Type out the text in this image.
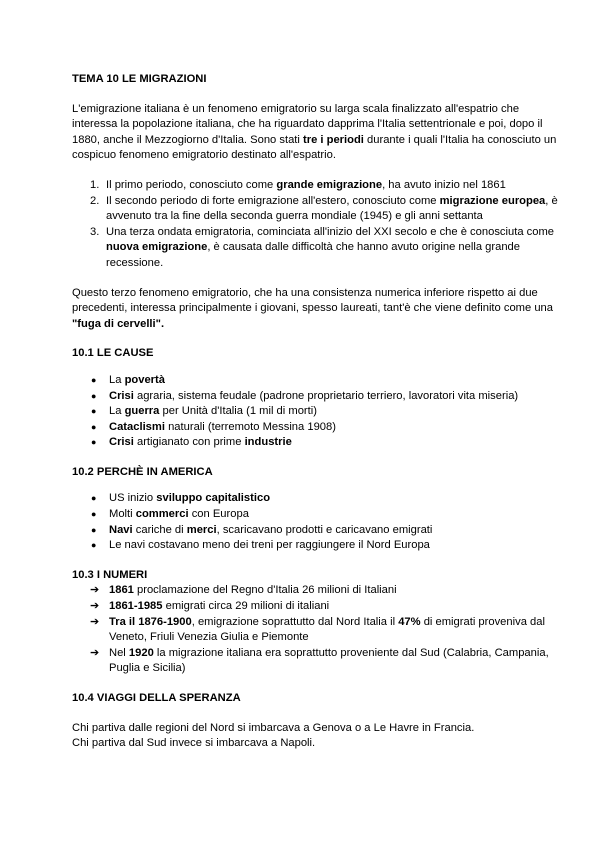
TEMA 10 LE MIGRAZIONI

L'emigrazione italiana è un fenomeno emigratorio su larga scala finalizzato all'espatrio che interessa la popolazione italiana, che ha riguardato dapprima l'Italia settentrionale e poi, dopo il 1880, anche il Mezzogiorno d'Italia. Sono stati tre i periodi durante i quali l'Italia ha conosciuto un cospicuo fenomeno emigratorio destinato all'espatrio.

1. Il primo periodo, conosciuto come grande emigrazione, ha avuto inizio nel 1861
2. Il secondo periodo di forte emigrazione all'estero, conosciuto come migrazione europea, è avvenuto tra la fine della seconda guerra mondiale (1945) e gli anni settanta
3. Una terza ondata emigratoria, cominciata all'inizio del XXI secolo e che è conosciuta come nuova emigrazione, è causata dalle difficoltà che hanno avuto origine nella grande recessione.

Questo terzo fenomeno emigratorio, che ha una consistenza numerica inferiore rispetto ai due precedenti, interessa principalmente i giovani, spesso laureati, tant'è che viene definito come una "fuga di cervelli".

10.1 LE CAUSE

● La povertà
● Crisi agraria, sistema feudale (padrone proprietario terriero, lavoratori vita miseria)
● La guerra per Unità d'Italia (1 mil di morti)
● Cataclismi naturali (terremoto Messina 1908)
● Crisi artigianato con prime industrie

10.2 PERCHÈ IN AMERICA

● US inizio sviluppo capitalistico
● Molti commerci con Europa
● Navi cariche di merci, scaricavano prodotti e caricavano emigrati
● Le navi costavano meno dei treni per raggiungere il Nord Europa

10.3 I NUMERI

➔ 1861 proclamazione del Regno d'Italia 26 milioni di Italiani
➔ 1861-1985 emigrati circa 29 milioni di italiani
➔ Tra il 1876-1900, emigrazione soprattutto dal Nord Italia il 47% di emigrati proveniva dal Veneto, Friuli Venezia Giulia e Piemonte
➔ Nel 1920 la migrazione italiana era soprattutto proveniente dal Sud (Calabria, Campania, Puglia e Sicilia)

10.4 VIAGGI DELLA SPERANZA

Chi partiva dalle regioni del Nord si imbarcava a Genova o a Le Havre in Francia.

Chi partiva dal Sud invece si imbarcava a Napoli.
